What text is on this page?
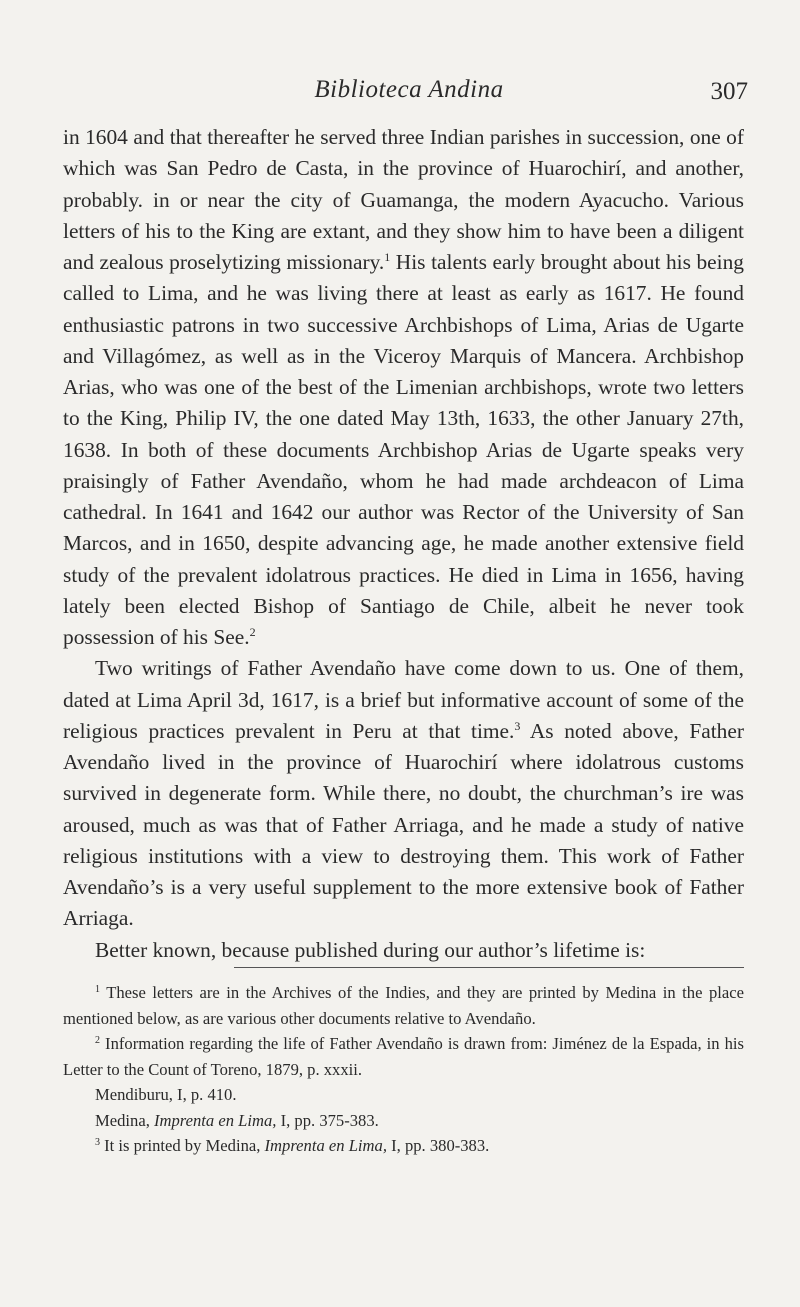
Biblioteca Andina	307

in 1604 and that thereafter he served three Indian parishes in succession, one of which was San Pedro de Casta, in the province of Huarochirí, and another, probably. in or near the city of Guamanga, the modern Ayacucho. Various letters of his to the King are extant, and they show him to have been a diligent and zealous proselytizing missionary.$^1$ His talents early brought about his being called to Lima, and he was living there at least as early as 1617. He found enthusiastic patrons in two successive Archbishops of Lima, Arias de Ugarte and Villagómez, as well as in the Viceroy Marquis of Mancera. Archbishop Arias, who was one of the best of the Limenian archbishops, wrote two letters to the King, Philip IV, the one dated May 13th, 1633, the other January 27th, 1638. In both of these documents Archbishop Arias de Ugarte speaks very praisingly of Father Avendaño, whom he had made archdeacon of Lima cathedral. In 1641 and 1642 our author was Rector of the University of San Marcos, and in 1650, despite advancing age, he made another extensive field study of the prevalent idolatrous practices. He died in Lima in 1656, having lately been elected Bishop of Santiago de Chile, albeit he never took possession of his See.$^2$

Two writings of Father Avendaño have come down to us. One of them, dated at Lima April 3d, 1617, is a brief but informative account of some of the religious practices prevalent in Peru at that time.$^3$ As noted above, Father Avendaño lived in the province of Huarochirí where idolatrous customs survived in degenerate form. While there, no doubt, the churchman’s ire was aroused, much as was that of Father Arriaga, and he made a study of native religious institutions with a view to destroying them. This work of Father Avendaño’s is a very useful supplement to the more extensive book of Father Arriaga.

Better known, because published during our author’s lifetime is:

$^1$ These letters are in the Archives of the Indies, and they are printed by Medina in the place mentioned below, as are various other documents relative to Avendaño.

$^2$ Information regarding the life of Father Avendaño is drawn from: Jiménez de la Espada, in his Letter to the Count of Toreno, 1879, p. xxxii.

Mendiburu, I, p. 410.

Medina, Imprenta en Lima, I, pp. 375-383.

$^3$ It is printed by Medina, Imprenta en Lima, I, pp. 380-383.
